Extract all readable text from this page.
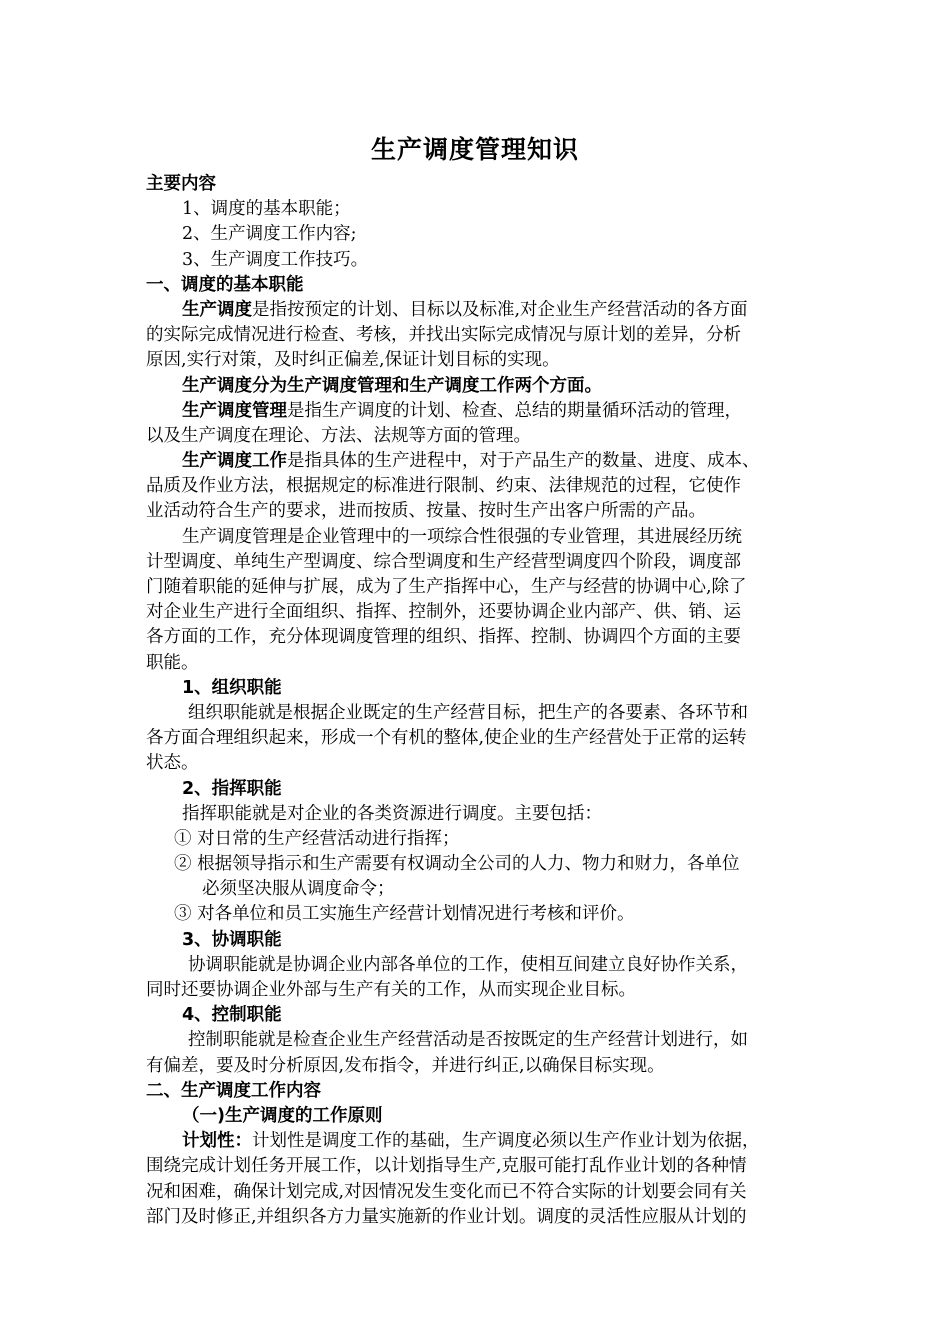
生产调度管理知识
主要内容
1、调度的基本职能；
2、生产调度工作内容;
3、生产调度工作技巧。
一、调度的基本职能
生产调度是指按预定的计划、目标以及标准,对企业生产经营活动的各方面
的实际完成情况进行检查、考核，并找出实际完成情况与原计划的差异，分析
原因,实行对策，及时纠正偏差,保证计划目标的实现。
生产调度分为生产调度管理和生产调度工作两个方面。
生产调度管理是指生产调度的计划、检查、总结的期量循环活动的管理，
以及生产调度在理论、方法、法规等方面的管理。
生产调度工作是指具体的生产进程中，对于产品生产的数量、进度、成本、
品质及作业方法，根据规定的标准进行限制、约束、法律规范的过程，它使作
业活动符合生产的要求，进而按质、按量、按时生产出客户所需的产品。
生产调度管理是企业管理中的一项综合性很强的专业管理，其进展经历统
计型调度、单纯生产型调度、综合型调度和生产经营型调度四个阶段，调度部
门随着职能的延伸与扩展，成为了生产指挥中心，生产与经营的协调中心,除了
对企业生产进行全面组织、指挥、控制外，还要协调企业内部产、供、销、运
各方面的工作，充分体现调度管理的组织、指挥、控制、协调四个方面的主要
职能。
1、组织职能
组织职能就是根据企业既定的生产经营目标，把生产的各要素、各环节和
各方面合理组织起来，形成一个有机的整体,使企业的生产经营处于正常的运转
状态。
2、指挥职能
指挥职能就是对企业的各类资源进行调度。主要包括：
① 对日常的生产经营活动进行指挥；
② 根据领导指示和生产需要有权调动全公司的人力、物力和财力，各单位
必须坚决服从调度命令；
③ 对各单位和员工实施生产经营计划情况进行考核和评价。
3、协调职能
协调职能就是协调企业内部各单位的工作，使相互间建立良好协作关系，
同时还要协调企业外部与生产有关的工作，从而实现企业目标。
4、控制职能
控制职能就是检查企业生产经营活动是否按既定的生产经营计划进行，如
有偏差，要及时分析原因,发布指令，并进行纠正,以确保目标实现。
二、生产调度工作内容
（一)生产调度的工作原则
计划性：计划性是调度工作的基础，生产调度必须以生产作业计划为依据，
围绕完成计划任务开展工作，以计划指导生产,克服可能打乱作业计划的各种情
况和困难，确保计划完成,对因情况发生变化而已不符合实际的计划要会同有关
部门及时修正,并组织各方力量实施新的作业计划。调度的灵活性应服从计划的
